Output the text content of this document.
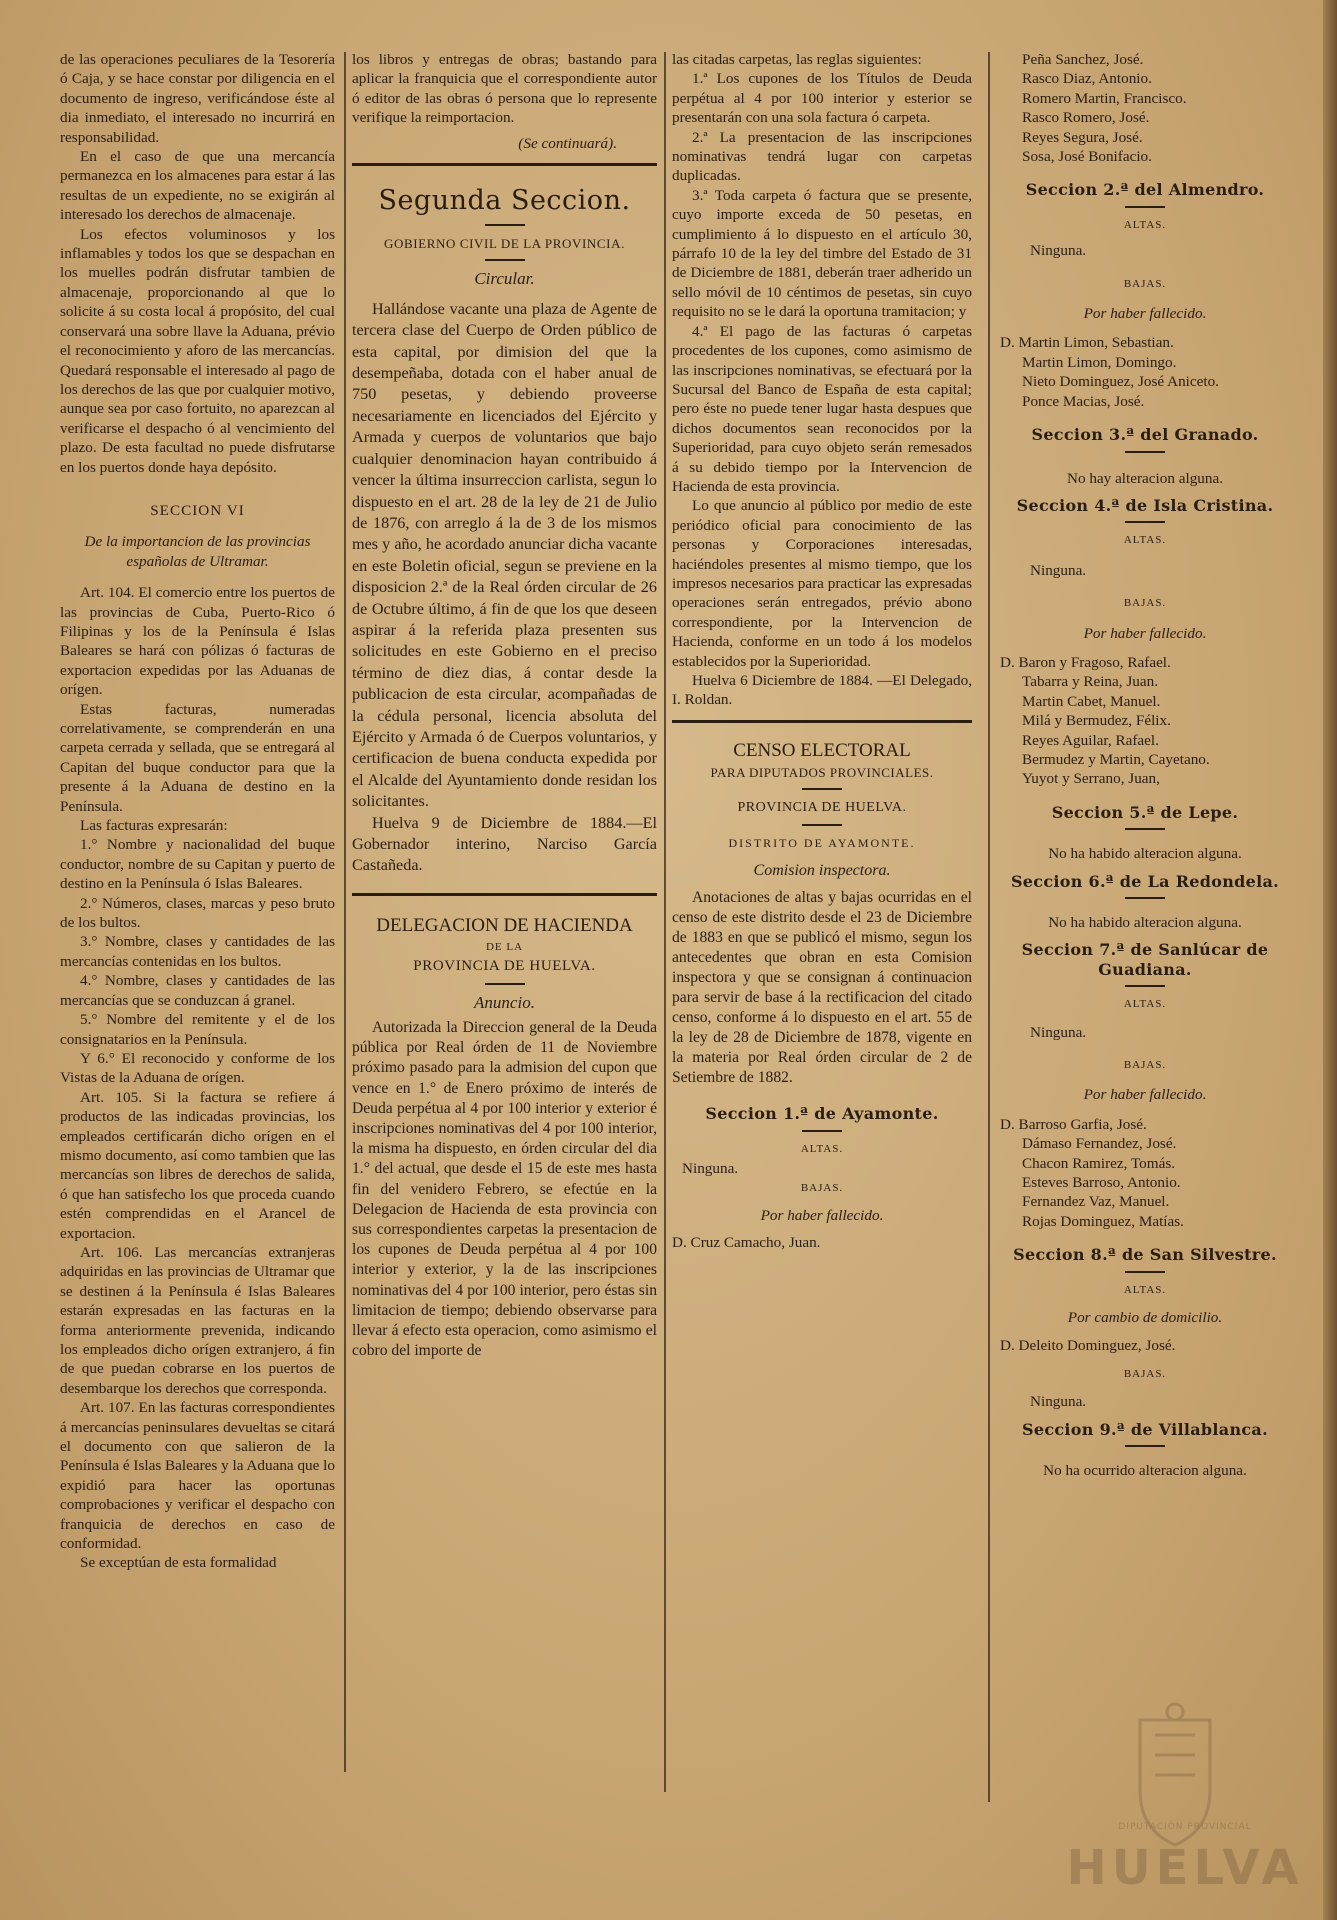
de las operaciones peculiares de la Tesorería ó Caja, y se hace constar por diligencia en el documento de ingreso, verificándose éste al dia inmediato, el interesado no incurrirá en responsabilidad.

En el caso de que una mercancía permanezca en los almacenes para estar á las resultas de un expediente, no se exigirán al interesado los derechos de almacenaje.

Los efectos voluminosos y los inflamables y todos los que se despachan en los muelles podrán disfrutar tambien de almacenaje, proporcionando al que lo solicite á su costa local á propósito, del cual conservará una sobre llave la Aduana, prévio el reconocimiento y aforo de las mercancías. Quedará responsable el interesado al pago de los derechos de las que por cualquier motivo, aunque sea por caso fortuito, no aparezcan al verificarse el despacho ó al vencimiento del plazo. De esta facultad no puede disfrutarse en los puertos donde haya depósito.

SECCION VI

De la importancion de las provincias españolas de Ultramar.

Art. 104. El comercio entre los puertos de las provincias de Cuba, Puerto-Rico ó Filipinas y los de la Península é Islas Baleares se hará con pólizas ó facturas de exportacion expedidas por las Aduanas de orígen.

Estas facturas, numeradas correlativamente, se comprenderán en una carpeta cerrada y sellada, que se entregará al Capitan del buque conductor para que la presente á la Aduana de destino en la Península.

Las facturas expresarán:

1.° Nombre y nacionalidad del buque conductor, nombre de su Capitan y puerto de destino en la Península ó Islas Baleares.

2.° Números, clases, marcas y peso bruto de los bultos.

3.° Nombre, clases y cantidades de las mercancías contenidas en los bultos.

4.° Nombre, clases y cantidades de las mercancías que se conduzcan á granel.

5.° Nombre del remitente y el de los consignatarios en la Península.

Y 6.° El reconocido y conforme de los Vistas de la Aduana de orígen.

Art. 105. Si la factura se refiere á productos de las indicadas provincias, los empleados certificarán dicho orígen en el mismo documento, así como tambien que las mercancías son libres de derechos de salida, ó que han satisfecho los que proceda cuando estén comprendidas en el Arancel de exportacion.

Art. 106. Las mercancías extranjeras adquiridas en las provincias de Ultramar que se destinen á la Península é Islas Baleares estarán expresadas en las facturas en la forma anteriormente prevenida, indicando los empleados dicho orígen extranjero, á fin de que puedan cobrarse en los puertos de desembarque los derechos que corresponda.

Art. 107. En las facturas correspondientes á mercancías peninsulares devueltas se citará el documento con que salieron de la Península é Islas Baleares y la Aduana que lo expidió para hacer las oportunas comprobaciones y verificar el despacho con franquicia de derechos en caso de conformidad.

Se exceptúan de esta formalidad

los libros y entregas de obras; bastando para aplicar la franquicia que el correspondiente autor ó editor de las obras ó persona que lo represente verifique la reimportacion.

(Se continuará).

Segunda Seccion.

GOBIERNO CIVIL DE LA PROVINCIA.

Circular.

Hallándose vacante una plaza de Agente de tercera clase del Cuerpo de Orden público de esta capital, por dimision del que la desempeñaba, dotada con el haber anual de 750 pesetas, y debiendo proveerse necesariamente en licenciados del Ejército y Armada y cuerpos de voluntarios que bajo cualquier denominacion hayan contribuido á vencer la última insurreccion carlista, segun lo dispuesto en el art. 28 de la ley de 21 de Julio de 1876, con arreglo á la de 3 de los mismos mes y año, he acordado anunciar dicha vacante en este Boletin oficial, segun se previene en la disposicion 2.ª de la Real órden circular de 26 de Octubre último, á fin de que los que deseen aspirar á la referida plaza presenten sus solicitudes en este Gobierno en el preciso término de diez dias, á contar desde la publicacion de esta circular, acompañadas de la cédula personal, licencia absoluta del Ejército y Armada ó de Cuerpos voluntarios, y certificacion de buena conducta expedida por el Alcalde del Ayuntamiento donde residan los solicitantes.

Huelva 9 de Diciembre de 1884.—El Gobernador interino, Narciso García Castañeda.

DELEGACION DE HACIENDA

DE LA

PROVINCIA DE HUELVA.

Anuncio.

Autorizada la Direccion general de la Deuda pública por Real órden de 11 de Noviembre próximo pasado para la admision del cupon que vence en 1.° de Enero próximo de interés de Deuda perpétua al 4 por 100 interior y exterior é inscripciones nominativas del 4 por 100 interior, la misma ha dispuesto, en órden circular del dia 1.° del actual, que desde el 15 de este mes hasta fin del venidero Febrero, se efectúe en la Delegacion de Hacienda de esta provincia con sus correspondientes carpetas la presentacion de los cupones de Deuda perpétua al 4 por 100 interior y exterior, y la de las inscripciones nominativas del 4 por 100 interior, pero éstas sin limitacion de tiempo; debiendo observarse para llevar á efecto esta operacion, como asimismo el cobro del importe de

las citadas carpetas, las reglas siguientes:

1.ª Los cupones de los Títulos de Deuda perpétua al 4 por 100 interior y esterior se presentarán con una sola factura ó carpeta.

2.ª La presentacion de las inscripciones nominativas tendrá lugar con carpetas duplicadas.

3.ª Toda carpeta ó factura que se presente, cuyo importe exceda de 50 pesetas, en cumplimiento á lo dispuesto en el artículo 30, párrafo 10 de la ley del timbre del Estado de 31 de Diciembre de 1881, deberán traer adherido un sello móvil de 10 céntimos de pesetas, sin cuyo requisito no se le dará la oportuna tramitacion; y

4.ª El pago de las facturas ó carpetas procedentes de los cupones, como asimismo de las inscripciones nominativas, se efectuará por la Sucursal del Banco de España de esta capital; pero éste no puede tener lugar hasta despues que dichos documentos sean reconocidos por la Superioridad, para cuyo objeto serán remesados á su debido tiempo por la Intervencion de Hacienda de esta provincia.

Lo que anuncio al público por medio de este periódico oficial para conocimiento de las personas y Corporaciones interesadas, haciéndoles presentes al mismo tiempo, que los impresos necesarios para practicar las expresadas operaciones serán entregados, prévio abono correspondiente, por la Intervencion de Hacienda, conforme en un todo á los modelos establecidos por la Superioridad.

Huelva 6 Diciembre de 1884. —El Delegado, I. Roldan.

CENSO ELECTORAL

PARA DIPUTADOS PROVINCIALES.

PROVINCIA DE HUELVA.

DISTRITO DE AYAMONTE.

Comision inspectora.

Anotaciones de altas y bajas ocurridas en el censo de este distrito desde el 23 de Diciembre de 1883 en que se publicó el mismo, segun los antecedentes que obran en esta Comision inspectora y que se consignan á continuacion para servir de base á la rectificacion del citado censo, conforme á lo dispuesto en el art. 55 de la ley de 28 de Diciembre de 1878, vigente en la materia por Real órden circular de 2 de Setiembre de 1882.

Seccion 1.ª de Ayamonte.

ALTAS.

Ninguna.

BAJAS.

Por haber fallecido.

D. Cruz Camacho, Juan.

Peña Sanchez, José.

Rasco Diaz, Antonio.

Romero Martin, Francisco.

Rasco Romero, José.

Reyes Segura, José.

Sosa, José Bonifacio.

Seccion 2.ª del Almendro.

ALTAS.

Ninguna.

BAJAS.

Por haber fallecido.

D. Martin Limon, Sebastian.

Martin Limon, Domingo.

Nieto Dominguez, José Aniceto.

Ponce Macias, José.

Seccion 3.ª del Granado.

No hay alteracion alguna.

Seccion 4.ª de Isla Cristina.

ALTAS.

Ninguna.

BAJAS.

Por haber fallecido.

D. Baron y Fragoso, Rafael.

Tabarra y Reina, Juan.

Martin Cabet, Manuel.

Milá y Bermudez, Félix.

Reyes Aguilar, Rafael.

Bermudez y Martin, Cayetano.

Yuyot y Serrano, Juan,

Seccion 5.ª de Lepe.

No ha habido alteracion alguna.

Seccion 6.ª de La Redondela.

No ha habido alteracion alguna.

Seccion 7.ª de Sanlúcar de Guadiana.

ALTAS.

Ninguna.

BAJAS.

Por haber fallecido.

D. Barroso Garfia, José.

Dámaso Fernandez, José.

Chacon Ramirez, Tomás.

Esteves Barroso, Antonio.

Fernandez Vaz, Manuel.

Rojas Dominguez, Matías.

Seccion 8.ª de San Silvestre.

ALTAS.

Por cambio de domicilio.

D. Deleito Dominguez, José.

BAJAS.

Ninguna.

Seccion 9.ª de Villablanca.

No ha ocurrido alteracion alguna.

DIPUTACIÓN PROVINCIAL
HUELVA
